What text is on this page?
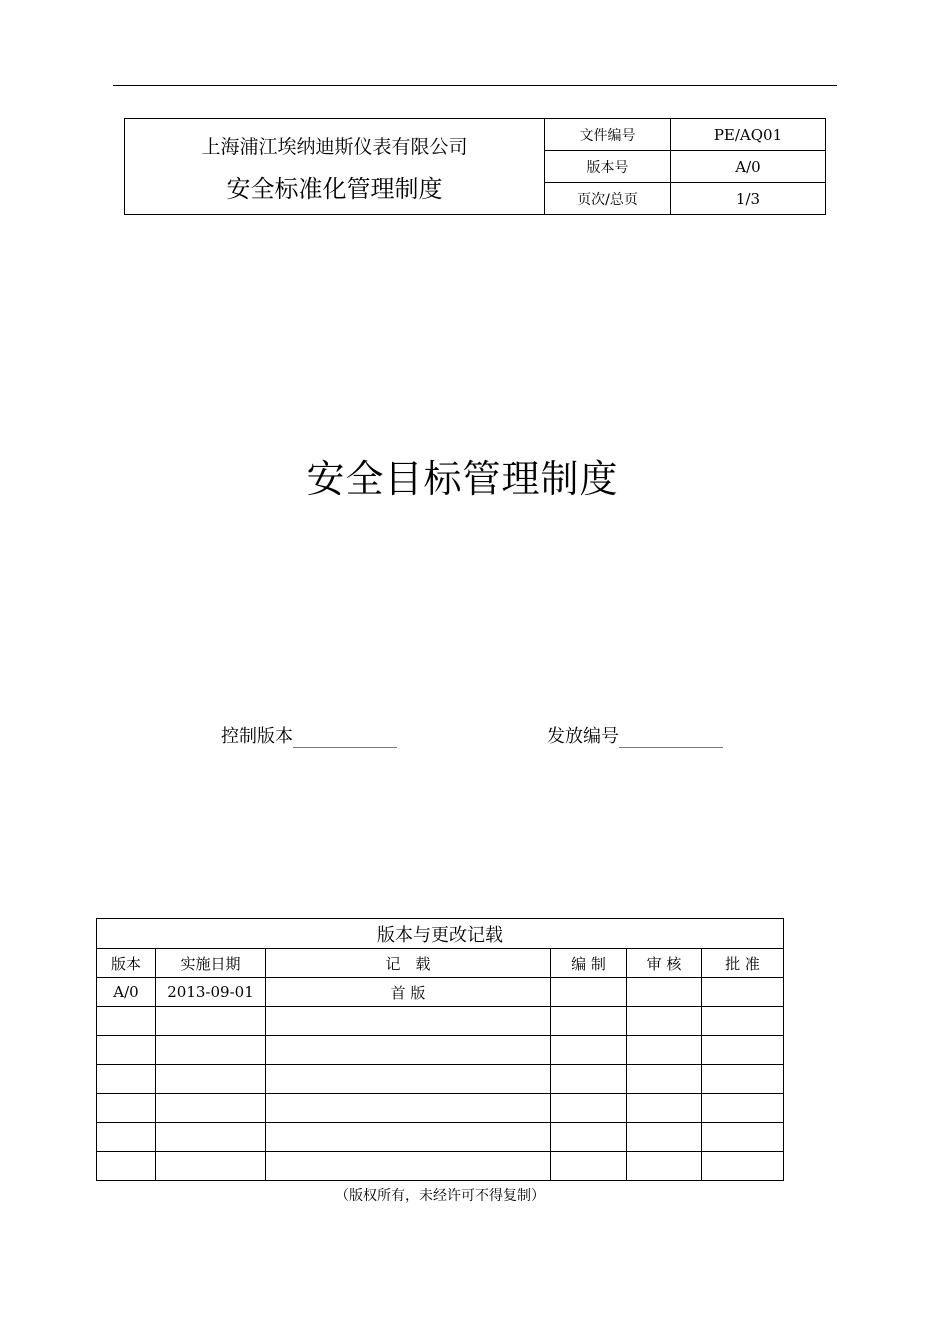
上海浦江埃纳迪斯仪表有限公司
安全标准化管理制度	文件编号	PE/AQ01
	版本号	A/0
	页次/总页	1/3
安全目标管理制度
控制版本	发放编号
版本与更改记载					
版本	实施日期	记　载	编 制	审 核	批 准
A/0	2013-09-01	首 版			

（版权所有，未经许可不得复制）
